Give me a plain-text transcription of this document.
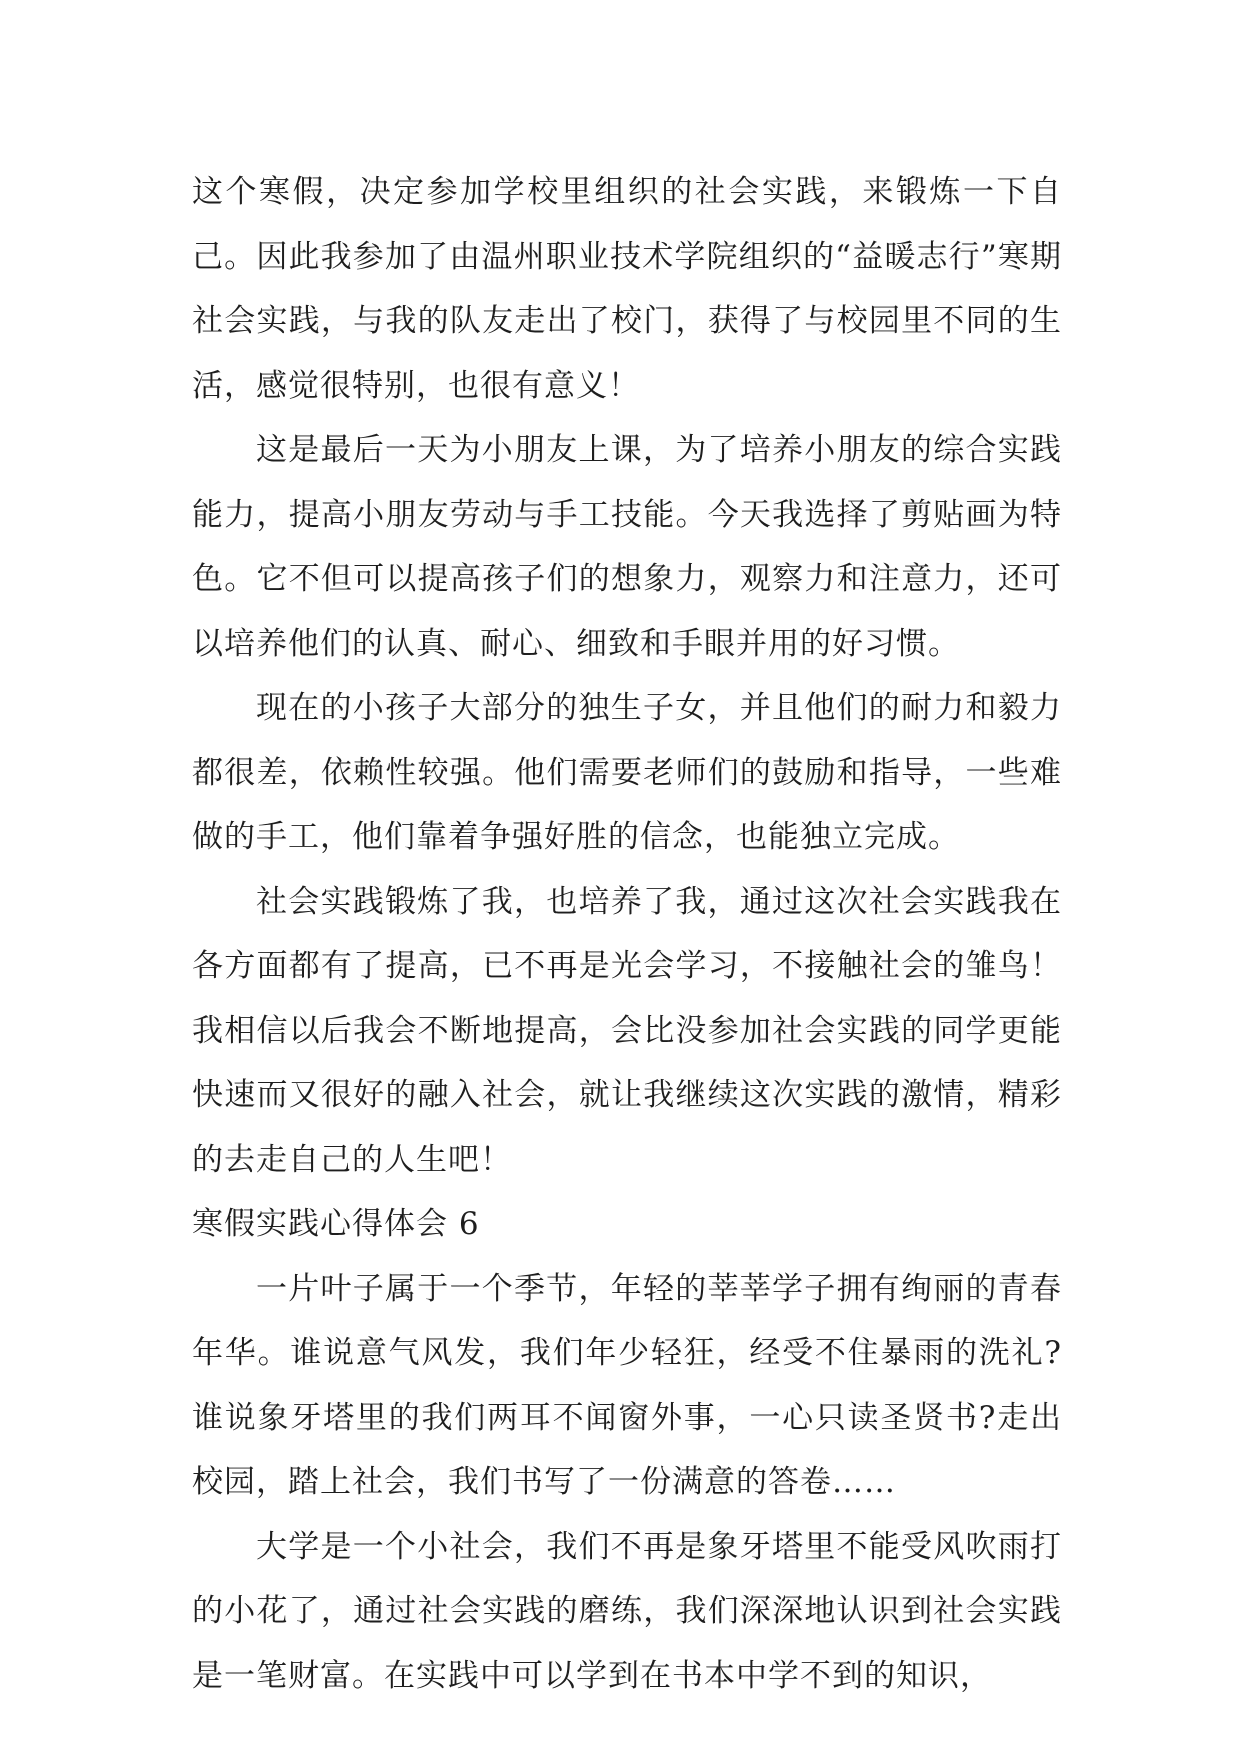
这个寒假，决定参加学校里组织的社会实践，来锻炼一下自己。因此我参加了由温州职业技术学院组织的“益暖志行”寒期社会实践，与我的队友走出了校门，获得了与校园里不同的生活，感觉很特别，也很有意义！

这是最后一天为小朋友上课，为了培养小朋友的综合实践能力，提高小朋友劳动与手工技能。今天我选择了剪贴画为特色。它不但可以提高孩子们的想象力，观察力和注意力，还可以培养他们的认真、耐心、细致和手眼并用的好习惯。

现在的小孩子大部分的独生子女，并且他们的耐力和毅力都很差，依赖性较强。他们需要老师们的鼓励和指导，一些难做的手工，他们靠着争强好胜的信念，也能独立完成。

社会实践锻炼了我，也培养了我，通过这次社会实践我在各方面都有了提高，已不再是光会学习，不接触社会的雏鸟！我相信以后我会不断地提高，会比没参加社会实践的同学更能快速而又很好的融入社会，就让我继续这次实践的激情，精彩的去走自己的人生吧！

寒假实践心得体会 6

一片叶子属于一个季节，年轻的莘莘学子拥有绚丽的青春年华。谁说意气风发，我们年少轻狂，经受不住暴雨的洗礼?谁说象牙塔里的我们两耳不闻窗外事，一心只读圣贤书?走出校园，踏上社会，我们书写了一份满意的答卷……

大学是一个小社会，我们不再是象牙塔里不能受风吹雨打的小花了，通过社会实践的磨练，我们深深地认识到社会实践是一笔财富。在实践中可以学到在书本中学不到的知识，
